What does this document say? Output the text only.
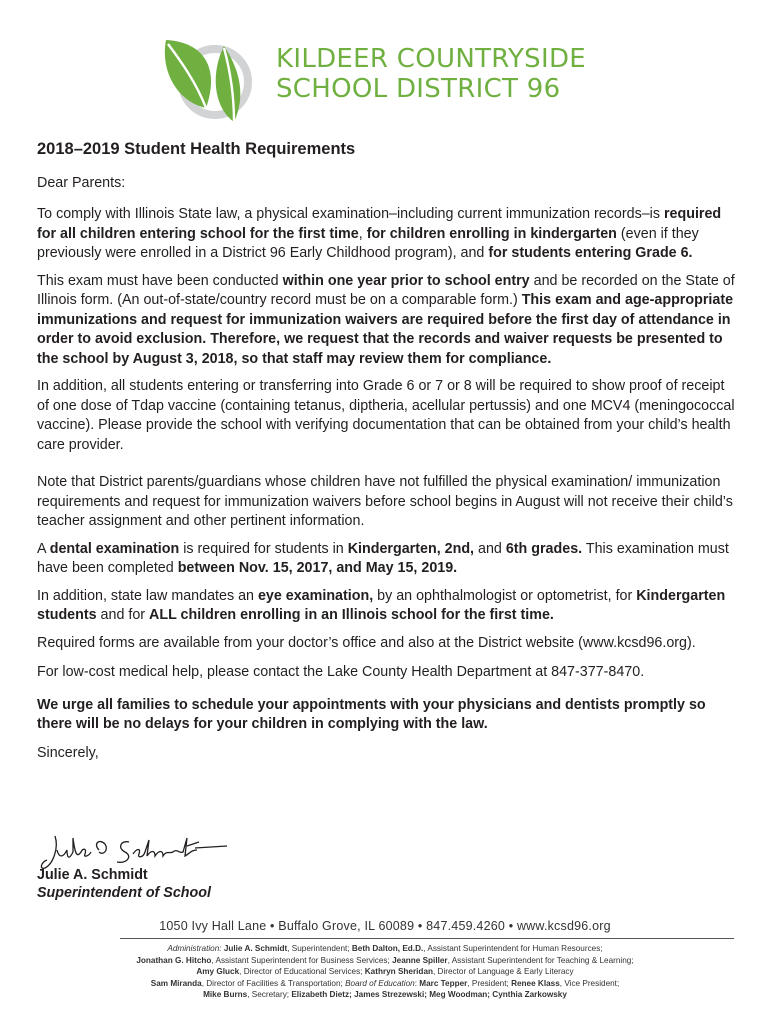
KILDEER COUNTRYSIDE
SCHOOL DISTRICT 96
2018–2019 Student Health Requirements
Dear Parents:
To comply with Illinois State law, a physical examination–including current immunization records–is required for all children entering school for the first time, for children enrolling in kindergarten (even if they previously were enrolled in a District 96 Early Childhood program), and for students entering Grade 6.
This exam must have been conducted within one year prior to school entry and be recorded on the State of Illinois form. (An out-of-state/country record must be on a comparable form.) This exam and age-appropriate immunizations and request for immunization waivers are required before the first day of attendance in order to avoid exclusion. Therefore, we request that the records and waiver requests be presented to the school by August 3, 2018, so that staff may review them for compliance.
In addition, all students entering or transferring into Grade 6 or 7 or 8 will be required to show proof of receipt of one dose of Tdap vaccine (containing tetanus, diptheria, acellular pertussis) and one MCV4 (meningococcal vaccine). Please provide the school with verifying documentation that can be obtained from your child’s health care provider.
Note that District parents/guardians whose children have not fulfilled the physical examination/ immunization requirements and request for immunization waivers before school begins in August will not receive their child’s teacher assignment and other pertinent information.
A dental examination is required for students in Kindergarten, 2nd, and 6th grades. This examination must have been completed between Nov. 15, 2017, and May 15, 2019.
In addition, state law mandates an eye examination, by an ophthalmologist or optometrist, for Kindergarten students and for ALL children enrolling in an Illinois school for the first time.
Required forms are available from your doctor’s office and also at the District website (www.kcsd96.org).
For low-cost medical help, please contact the Lake County Health Department at 847-377-8470.
We urge all families to schedule your appointments with your physicians and dentists promptly so there will be no delays for your children in complying with the law.
Sincerely,
Julie A. Schmidt
Superintendent of School
1050 Ivy Hall Lane • Buffalo Grove, IL 60089 • 847.459.4260 • www.kcsd96.org
Administration: Julie A. Schmidt, Superintendent; Beth Dalton, Ed.D., Assistant Superintendent for Human Resources;
Jonathan G. Hitcho, Assistant Superintendent for Business Services; Jeanne Spiller, Assistant Superintendent for Teaching & Learning;
Amy Gluck, Director of Educational Services; Kathryn Sheridan, Director of Language & Early Literacy
Sam Miranda, Director of Facilities & Transportation; Board of Education: Marc Tepper, President; Renee Klass, Vice President;
Mike Burns, Secretary; Elizabeth Dietz; James Strezewski; Meg Woodman; Cynthia Zarkowsky
